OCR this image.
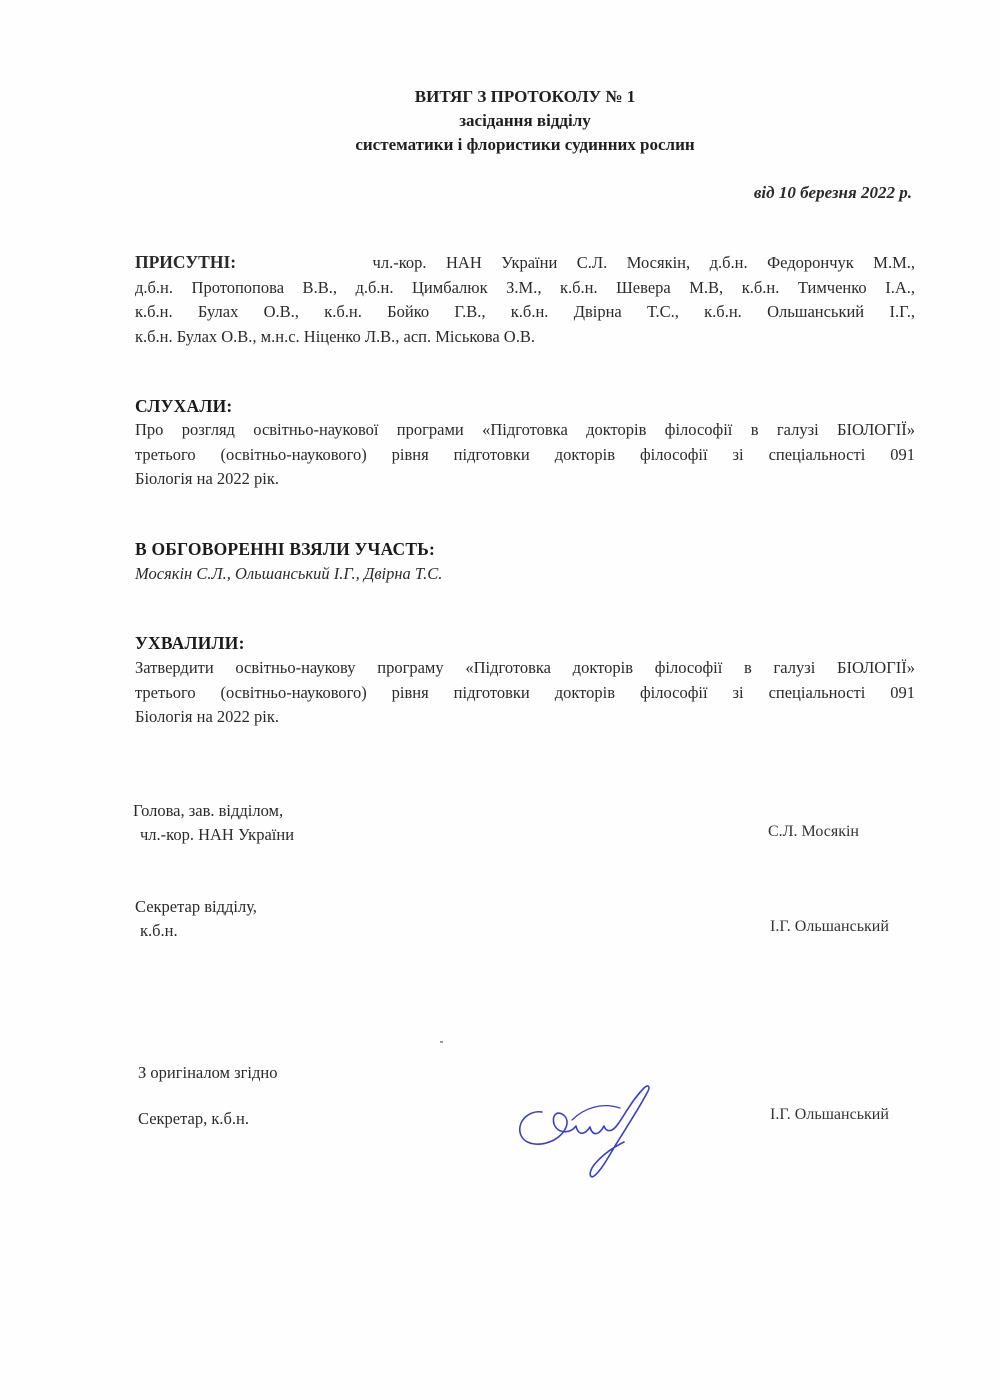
ВИТЯГ З ПРОТОКОЛУ № 1
засідання відділу
систематики і флористики судинних рослин
від 10 березня 2022 р.
ПРИСУТНІ:	чл.-кор. НАН України С.Л. Мосякін, д.б.н. Федорончук М.М.,
д.б.н. Протопопова В.В., д.б.н. Цимбалюк З.М., к.б.н. Шевера М.В, к.б.н. Тимченко І.А.,
к.б.н. Булах О.В., к.б.н. Бойко Г.В., к.б.н. Двірна Т.С., к.б.н. Ольшанський І.Г.,
к.б.н. Булах О.В., м.н.с. Ніценко Л.В., асп. Міськова О.В.
СЛУХАЛИ:
Про розгляд освітньо-наукової програми «Підготовка докторів філософії в галузі БІОЛОГІЇ»
третього (освітньо-наукового) рівня підготовки докторів філософії зі спеціальності 091
Біологія на 2022 рік.
В ОБГОВОРЕННІ ВЗЯЛИ УЧАСТЬ:
Мосякін С.Л., Ольшанський І.Г., Двірна Т.С.
УХВАЛИЛИ:
Затвердити освітньо-наукову програму «Підготовка докторів філософії в галузі БІОЛОГІЇ»
третього (освітньо-наукового) рівня підготовки докторів філософії зі спеціальності 091
Біологія на 2022 рік.
Голова, зав. відділом,
чл.-кор. НАН України	С.Л. Мосякін
Секретар відділу,
к.б.н.	І.Г. Ольшанський
З оригіналом згідно
Секретар, к.б.н.	І.Г. Ольшанський
